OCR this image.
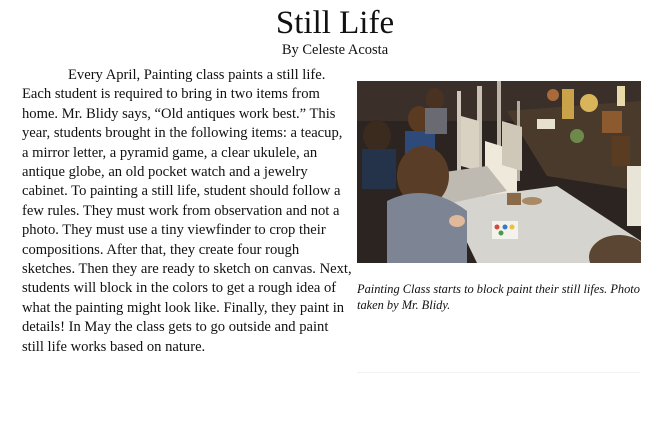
Still Life
By Celeste Acosta

Every April, Painting class paints a still life. Each student is required to bring in two items from home. Mr. Blidy says, “Old antiques work best.” This year, students brought in the following items: a teacup, a mirror letter, a pyramid game, a clear ukulele, an antique globe, an old pocket watch and a jewelry cabinet. To painting a still life, student should follow a few rules. They must work from observation and not a photo. They must use a tiny viewfinder to crop their compositions. After that, they create four rough sketches. Then they are ready to sketch on canvas. Next, students will block in the colors to get a rough idea of what the painting might look like. Finally, they paint in details! In May the class gets to go outside and paint still life works based on nature.

Painting Class starts to block paint their still lifes. Photo taken by Mr. Blidy.
